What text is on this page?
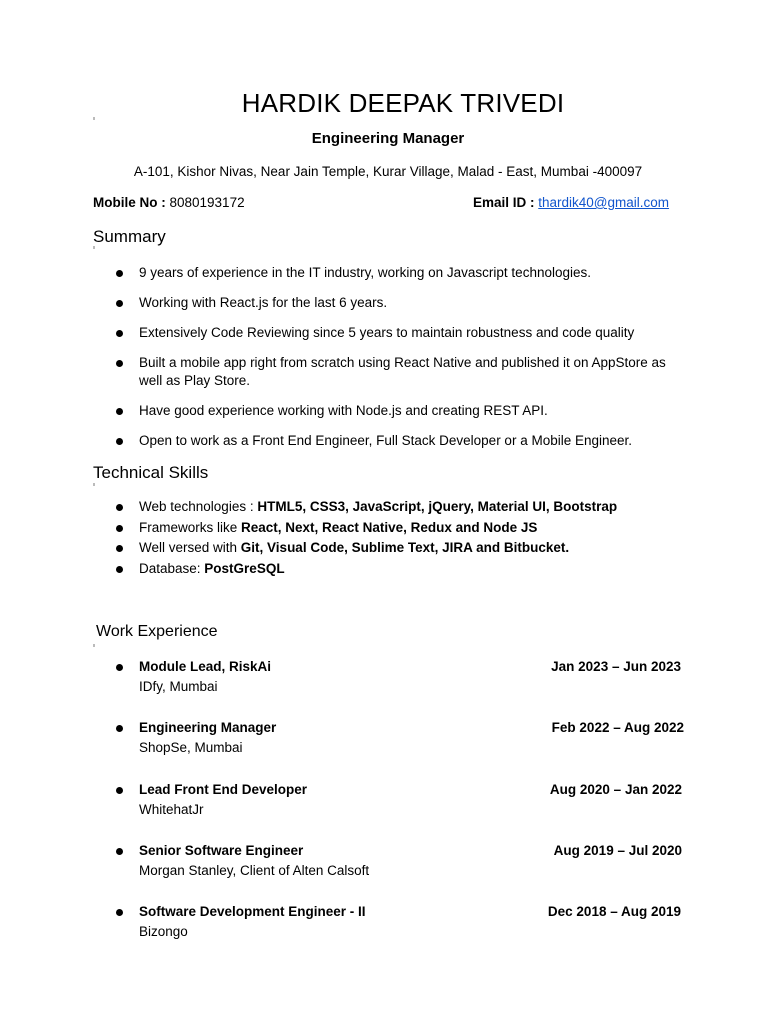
HARDIK DEEPAK TRIVEDI
Engineering Manager
A-101, Kishor Nivas, Near Jain Temple, Kurar Village, Malad - East, Mumbai -400097
Mobile No : 8080193172	Email ID : thardik40@gmail.com
Summary
9 years of experience in the IT industry, working on Javascript technologies.
Working with React.js for the last 6 years.
Extensively Code Reviewing since 5 years to maintain robustness and code quality
Built a mobile app right from scratch using React Native and published it on AppStore as well as Play Store.
Have good experience working with Node.js and creating REST API.
Open to work as a Front End Engineer, Full Stack Developer or a Mobile Engineer.
Technical Skills
Web technologies : HTML5, CSS3, JavaScript, jQuery, Material UI, Bootstrap
Frameworks like React, Next, React Native, Redux and Node JS
Well versed with Git, Visual Code, Sublime Text, JIRA and Bitbucket.
Database: PostGreSQL
Work Experience
Module Lead, RiskAi	Jan 2023 – Jun 2023
IDfy, Mumbai
Engineering Manager	Feb 2022 – Aug 2022
ShopSe, Mumbai
Lead Front End Developer	Aug 2020 – Jan 2022
WhitehatJr
Senior Software Engineer	Aug 2019 – Jul 2020
Morgan Stanley, Client of Alten Calsoft
Software Development Engineer - II	Dec 2018 – Aug 2019
Bizongo
